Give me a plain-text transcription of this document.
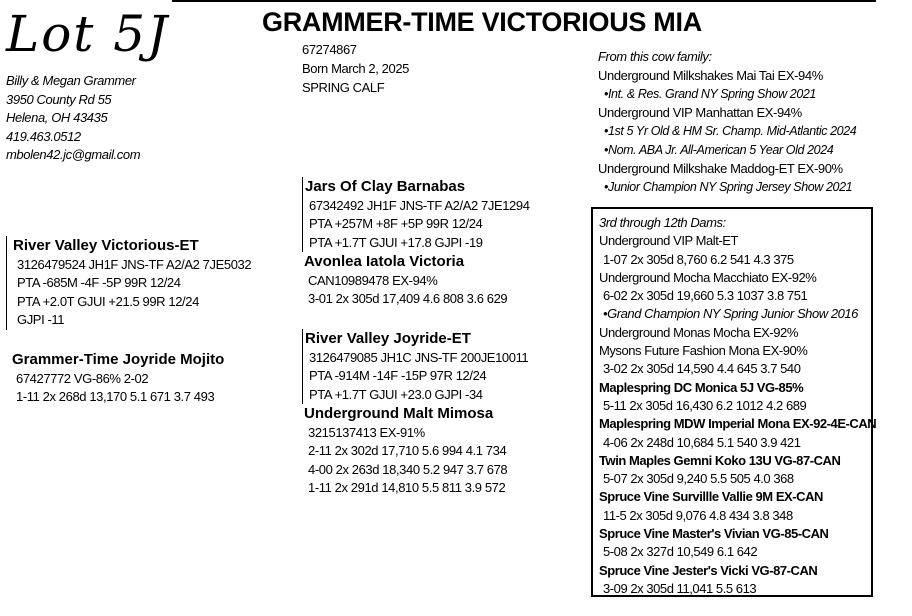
Lot 5J	GRAMMER-TIME VICTORIOUS MIA
Billy & Megan Grammer
3950 County Rd 55
Helena, OH 43435
419.463.0512
mbolen42.jc@gmail.com
67274867
Born March 2, 2025
SPRING CALF
From this cow family:
Underground Milkshakes Mai Tai EX-94%
•Int. & Res. Grand NY Spring Show 2021
Underground VIP Manhattan EX-94%
•1st 5 Yr Old & HM Sr. Champ. Mid-Atlantic 2024
•Nom. ABA Jr. All-American 5 Year Old 2024
Underground Milkshake Maddog-ET EX-90%
•Junior Champion NY Spring Jersey Show 2021
River Valley Victorious-ET
3126479524 JH1F JNS-TF A2/A2 7JE5032
PTA -685M -4F -5P 99R 12/24
PTA +2.0T GJUI +21.5 99R 12/24
GJPI -11
Grammer-Time Joyride Mojito
67427772 VG-86% 2-02
1-11 2x 268d 13,170 5.1 671 3.7 493
Jars Of Clay Barnabas
67342492 JH1F JNS-TF A2/A2 7JE1294
PTA +257M +8F +5P 99R 12/24
PTA +1.7T GJUI +17.8 GJPI -19
Avonlea Iatola Victoria
CAN10989478 EX-94%
3-01 2x 305d 17,409 4.6 808 3.6 629
River Valley Joyride-ET
3126479085 JH1C JNS-TF 200JE10011
PTA -914M -14F -15P 97R 12/24
PTA +1.7T GJUI +23.0 GJPI -34
Underground Malt Mimosa
3215137413 EX-91%
2-11 2x 302d 17,710 5.6 994 4.1 734
4-00 2x 263d 18,340 5.2 947 3.7 678
1-11 2x 291d 14,810 5.5 811 3.9 572
3rd through 12th Dams:
Underground VIP Malt-ET
1-07 2x 305d 8,760 6.2 541 4.3 375
Underground Mocha Macchiato EX-92%
6-02 2x 305d 19,660 5.3 1037 3.8 751
•Grand Champion NY Spring Junior Show 2016
Underground Monas Mocha EX-92%
Mysons Future Fashion Mona EX-90%
3-02 2x 305d 14,590 4.4 645 3.7 540
Maplespring DC Monica 5J VG-85%
5-11 2x 305d 16,430 6.2 1012 4.2 689
Maplespring MDW Imperial Mona EX-92-4E-CAN
4-06 2x 248d 10,684 5.1 540 3.9 421
Twin Maples Gemni Koko 13U VG-87-CAN
5-07 2x 305d 9,240 5.5 505 4.0 368
Spruce Vine Survillle Vallie 9M EX-CAN
11-5 2x 305d 9,076 4.8 434 3.8 348
Spruce Vine Master's Vivian VG-85-CAN
5-08 2x 327d 10,549 6.1 642
Spruce Vine Jester's Vicki VG-87-CAN
3-09 2x 305d 11,041 5.5 613
